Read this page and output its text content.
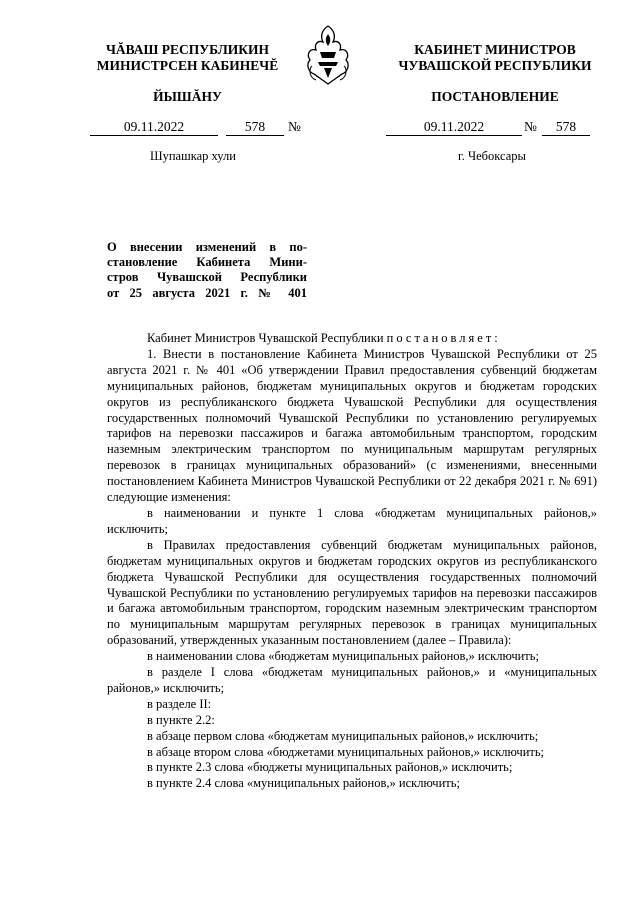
ЧĂВАШ РЕСПУБЛИКИН
МИНИСТРСЕН КАБИНЕЧĔ
ЙЫШĂНУ
КАБИНЕТ МИНИСТРОВ
ЧУВАШСКОЙ РЕСПУБЛИКИ
ПОСТАНОВЛЕНИЕ
09.11.2022	578	№	09.11.2022	№	578
Шупашкар хули	г. Чебоксары
О внесении изменений в по-
становление Кабинета Мини-
стров Чувашской Республики
от 25 августа 2021 г. № 401

Кабинет Министров Чувашской Республики постановляет:

1. Внести в постановление Кабинета Министров Чувашской Республики от 25 августа 2021 г. № 401 «Об утверждении Правил предоставления субвенций бюджетам муниципальных районов, бюджетам муниципальных округов и бюджетам городских округов из республиканского бюджета Чувашской Республики для осуществления государственных полномочий Чувашской Республики по установлению регулируемых тарифов на перевозки пассажиров и багажа автомобильным транспортом, городским наземным электрическим транспортом по муниципальным маршрутам регулярных перевозок в границах муниципальных образований» (с изменениями, внесенными постановлением Кабинета Министров Чувашской Республики от 22 декабря 2021 г. № 691) следующие изменения:

в наименовании и пункте 1 слова «бюджетам муниципальных районов,» исключить;

в Правилах предоставления субвенций бюджетам муниципальных районов, бюджетам муниципальных округов и бюджетам городских округов из республиканского бюджета Чувашской Республики для осуществления государственных полномочий Чувашской Республики по установлению регулируемых тарифов на перевозки пассажиров и багажа автомобильным транспортом, городским наземным электрическим транспортом по муниципальным маршрутам регулярных перевозок в границах муниципальных образований, утвержденных указанным постановлением (далее – Правила):

в наименовании слова «бюджетам муниципальных районов,» исключить;

в разделе I слова «бюджетам муниципальных районов,» и «муниципальных районов,» исключить;

в разделе II:

в пункте 2.2:

в абзаце первом слова «бюджетам муниципальных районов,» исключить;

в абзаце втором слова «бюджетами муниципальных районов,» исключить;

в пункте 2.3 слова «бюджеты муниципальных районов,» исключить;

в пункте 2.4 слова «муниципальных районов,» исключить;
